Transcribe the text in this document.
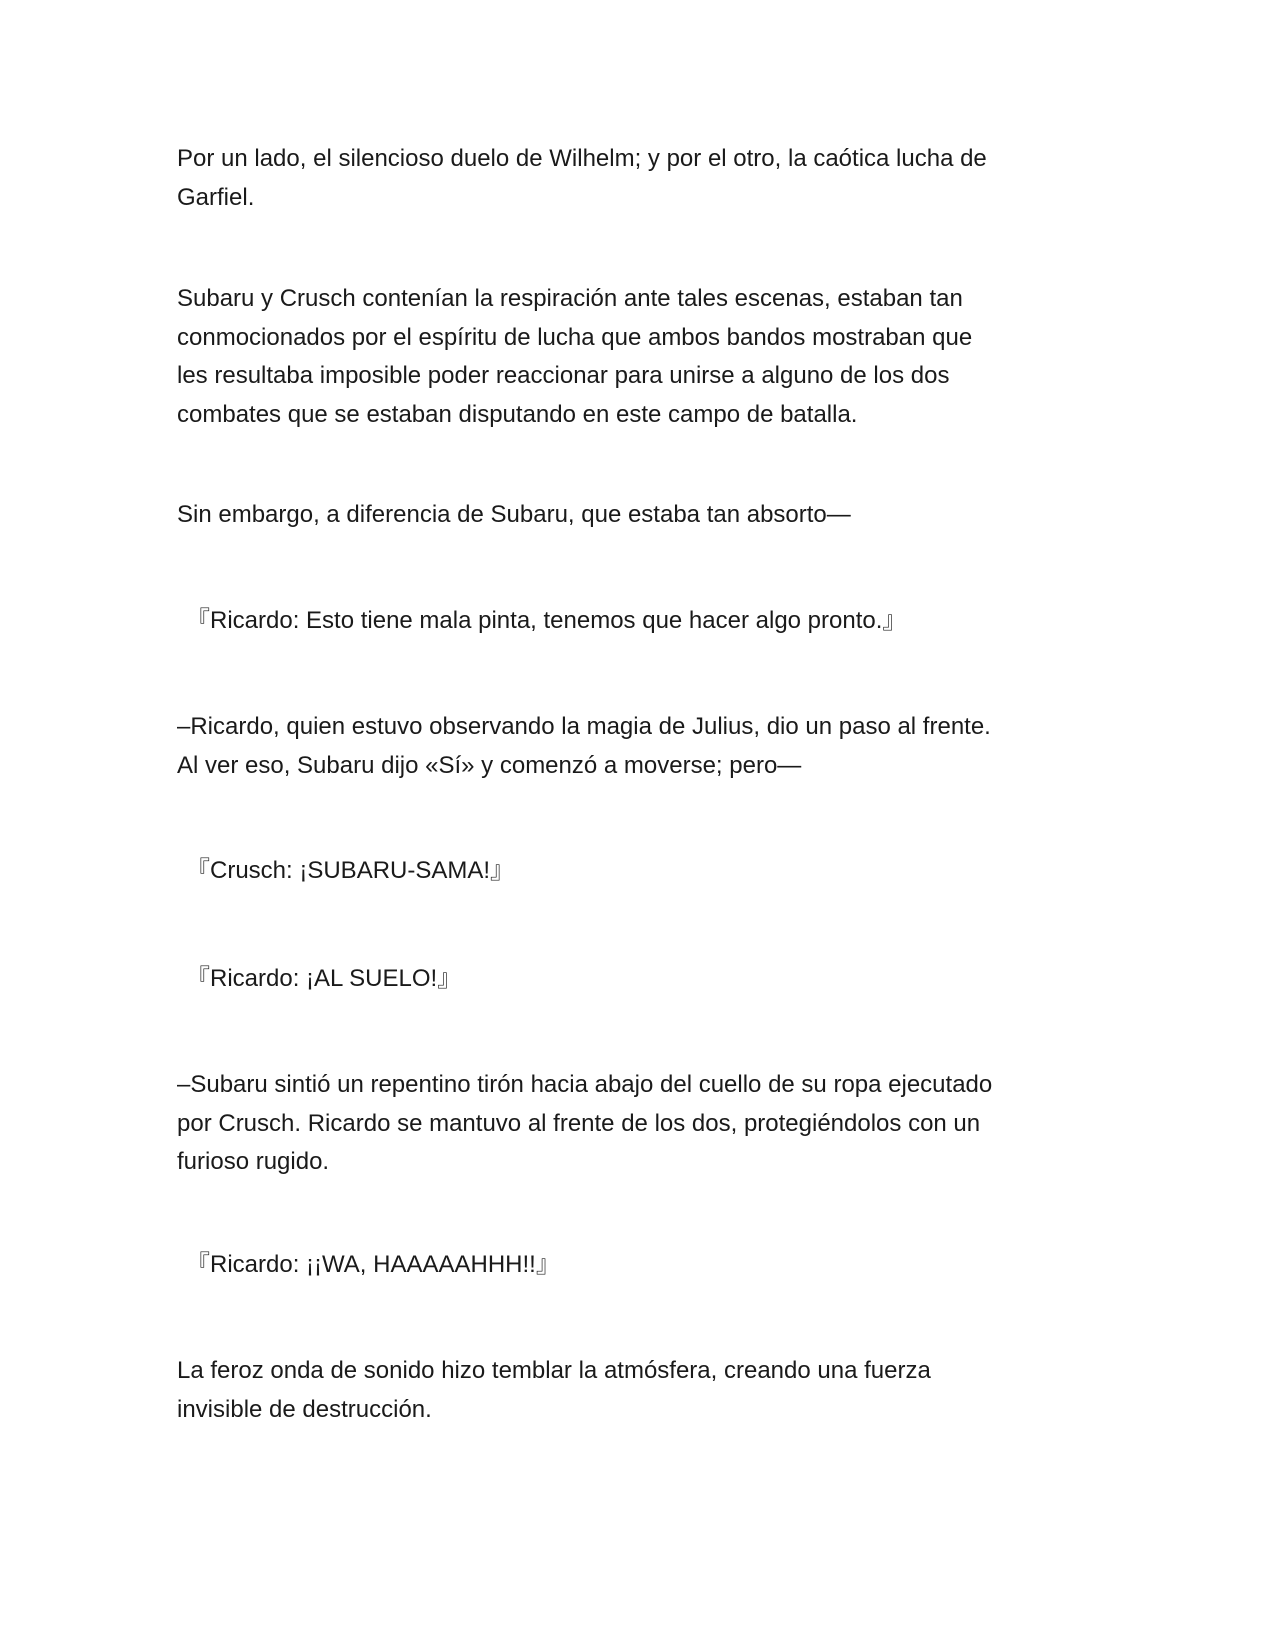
Por un lado, el silencioso duelo de Wilhelm; y por el otro, la caótica lucha de
Garfiel.

Subaru y Crusch contenían la respiración ante tales escenas, estaban tan
conmocionados por el espíritu de lucha que ambos bandos mostraban que
les resultaba imposible poder reaccionar para unirse a alguno de los dos
combates que se estaban disputando en este campo de batalla.

Sin embargo, a diferencia de Subaru, que estaba tan absorto—

『Ricardo: Esto tiene mala pinta, tenemos que hacer algo pronto.』

–Ricardo, quien estuvo observando la magia de Julius, dio un paso al frente.
Al ver eso, Subaru dijo «Sí» y comenzó a moverse; pero—

『Crusch: ¡SUBARU-SAMA!』

『Ricardo: ¡AL SUELO!』

–Subaru sintió un repentino tirón hacia abajo del cuello de su ropa ejecutado
por Crusch. Ricardo se mantuvo al frente de los dos, protegiéndolos con un
furioso rugido.

『Ricardo: ¡¡WA, HAAAAAHHH!!』

La feroz onda de sonido hizo temblar la atmósfera, creando una fuerza
invisible de destrucción.
